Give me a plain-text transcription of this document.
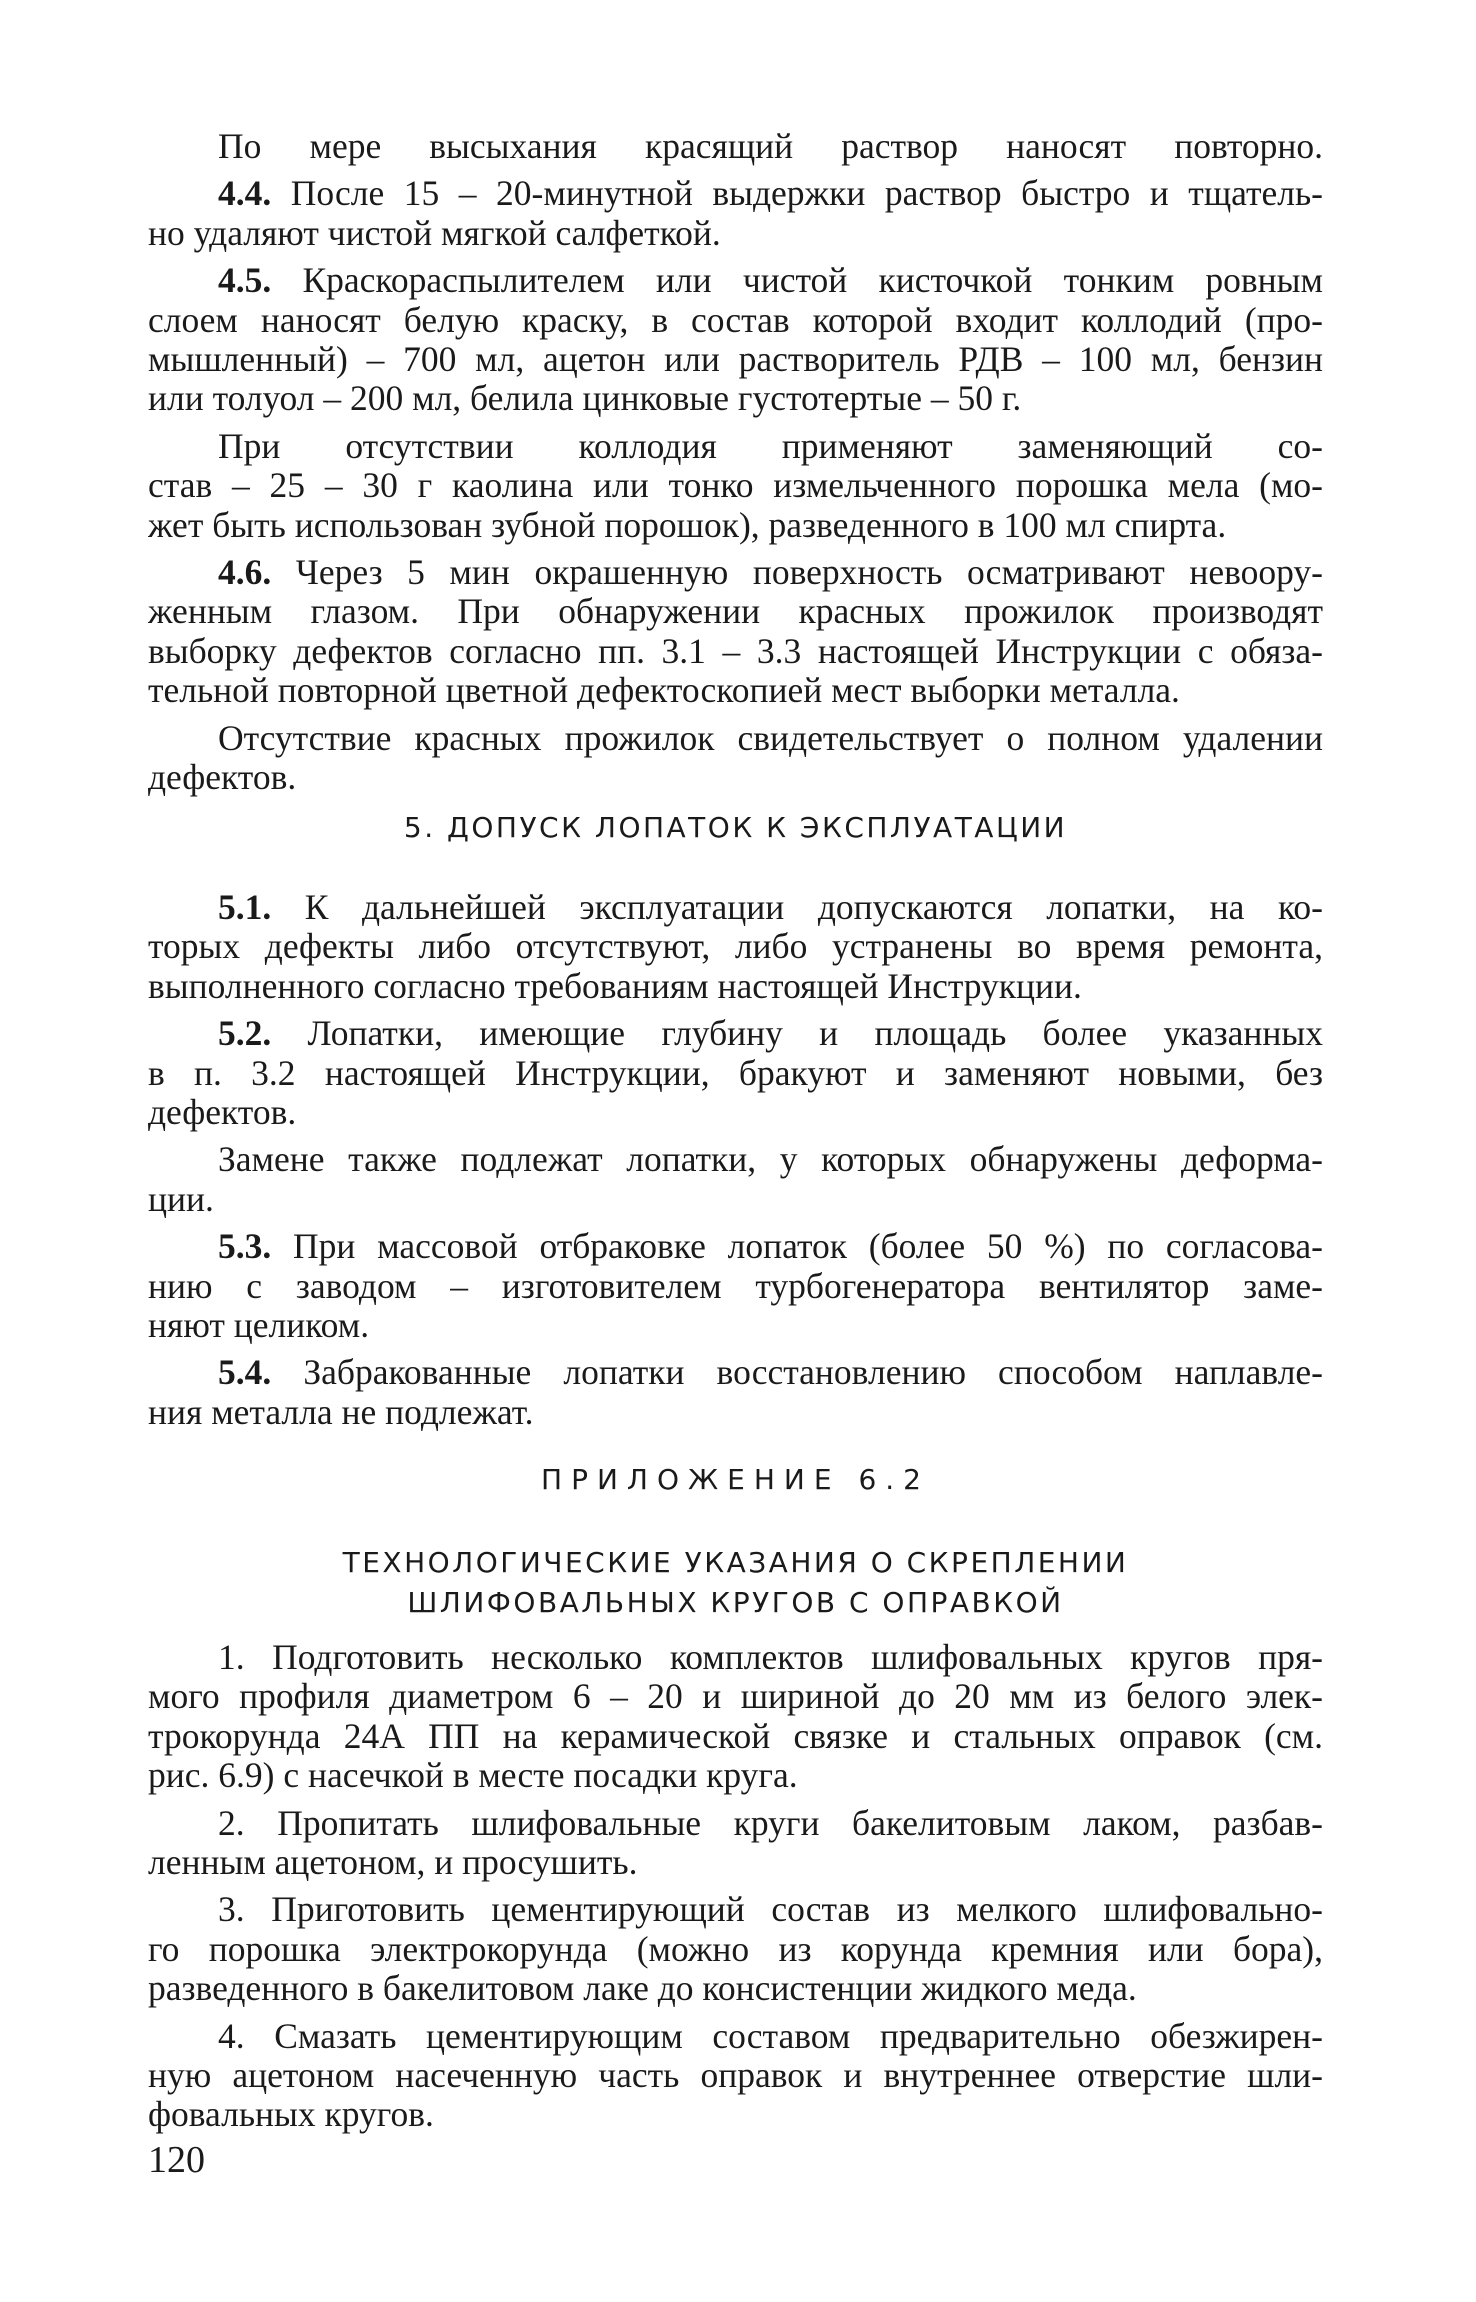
По мере высыхания красящий раствор наносят повторно.

4.4. После 15 – 20-минутной выдержки раствор быстро и тщатель-

но удаляют чистой мягкой салфеткой.

4.5. Краскораспылителем или чистой кисточкой тонким ровным

слоем наносят белую краску, в состав которой входит коллодий (про-

мышленный) – 700 мл, ацетон или растворитель РДВ – 100 мл, бензин

или толуол – 200 мл, белила цинковые густотертые – 50 г.

При отсутствии коллодия применяют заменяющий со-

став – 25 – 30 г каолина или тонко измельченного порошка мела (мо-

жет быть использован зубной порошок), разведенного в 100 мл спирта.

4.6. Через 5 мин окрашенную поверхность осматривают невоору-

женным глазом. При обнаружении красных прожилок производят

выборку дефектов согласно пп. 3.1 – 3.3 настоящей Инструкции с обяза-

тельной повторной цветной дефектоскопией мест выборки металла.

Отсутствие красных прожилок свидетельствует о полном удалении

дефектов.

5. ДОПУСК ЛОПАТОК К ЭКСПЛУАТАЦИИ

5.1. К дальнейшей эксплуатации допускаются лопатки, на ко-

торых дефекты либо отсутствуют, либо устранены во время ремонта,

выполненного согласно требованиям настоящей Инструкции.

5.2. Лопатки, имеющие глубину и площадь более указанных

в п. 3.2 настоящей Инструкции, бракуют и заменяют новыми, без

дефектов.

Замене также подлежат лопатки, у которых обнаружены деформа-

ции.

5.3. При массовой отбраковке лопаток (более 50 %) по согласова-

нию с заводом – изготовителем турбогенератора вентилятор заме-

няют целиком.

5.4. Забракованные лопатки восстановлению способом наплавле-

ния металла не подлежат.

ПРИЛОЖЕНИЕ 6.2

ТЕХНОЛОГИЧЕСКИЕ УКАЗАНИЯ О СКРЕПЛЕНИИ

ШЛИФОВАЛЬНЫХ КРУГОВ С ОПРАВКОЙ

1. Подготовить несколько комплектов шлифовальных кругов пря-

мого профиля диаметром 6 – 20 и шириной до 20 мм из белого элек-

трокорунда 24А ПП на керамической связке и стальных оправок (см.

рис. 6.9) с насечкой в месте посадки круга.

2. Пропитать шлифовальные круги бакелитовым лаком, разбав-

ленным ацетоном, и просушить.

3. Приготовить цементирующий состав из мелкого шлифовально-

го порошка электрокорунда (можно из корунда кремния или бора),

разведенного в бакелитовом лаке до консистенции жидкого меда.

4. Смазать цементирующим составом предварительно обезжирен-

ную ацетоном насеченную часть оправок и внутреннее отверстие шли-

фовальных кругов.

120
